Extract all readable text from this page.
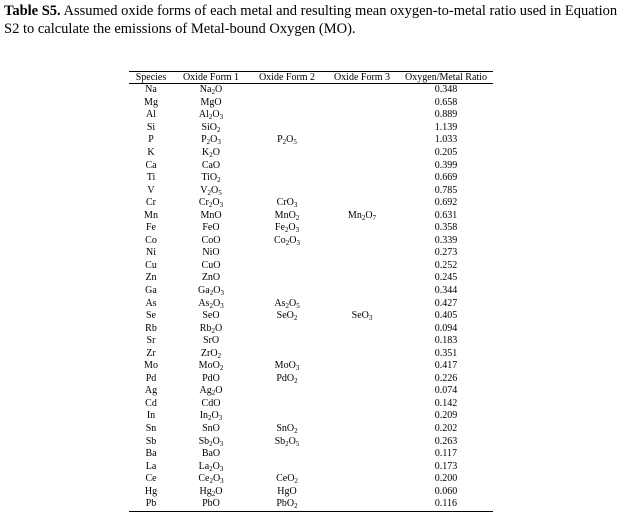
Table S5. Assumed oxide forms of each metal and resulting mean oxygen-to-metal ratio used in Equation S2 to calculate the emissions of Metal-bound Oxygen (MO).
Species	Oxide Form 1	Oxide Form 2	Oxide Form 3	Oxygen/Metal Ratio
Na	$Na_2O$			0.348
Mg	MgO			0.658
Al	$Al_2O_3$			0.889
Si	SiO$_2$			1.139
P	$P_2O_3$	$P_2O_5$		1.033
K	$K_2O$			0.205
Ca	CaO			0.399
Ti	TiO$_2$			0.669
V	$V_2O_5$			0.785
Cr	$Cr_2O_3$	CrO$_3$		0.692
Mn	MnO	MnO$_2$	$Mn_2O_7$	0.631
Fe	FeO	$Fe_2O_3$		0.358
Co	CoO	$Co_2O_3$		0.339
Ni	NiO			0.273
Cu	CuO			0.252
Zn	ZnO			0.245
Ga	$Ga_2O_3$			0.344
As	$As_2O_3$	$As_2O_5$		0.427
Se	SeO	SeO$_2$	SeO$_3$	0.405
Rb	$Rb_2O$			0.094
Sr	SrO			0.183
Zr	ZrO$_2$			0.351
Mo	MoO$_2$	MoO$_3$		0.417
Pd	PdO	PdO$_2$		0.226
Ag	$Ag_2O$			0.074
Cd	CdO			0.142
In	$In_2O_3$			0.209
Sn	SnO	SnO$_2$		0.202
Sb	$Sb_2O_3$	$Sb_2O_5$		0.263
Ba	BaO			0.117
La	$La_2O_3$			0.173
Ce	$Ce_2O_3$	CeO$_2$		0.200
Hg	$Hg_2O$	HgO		0.060
Pb	PbO	PbO$_2$		0.116
